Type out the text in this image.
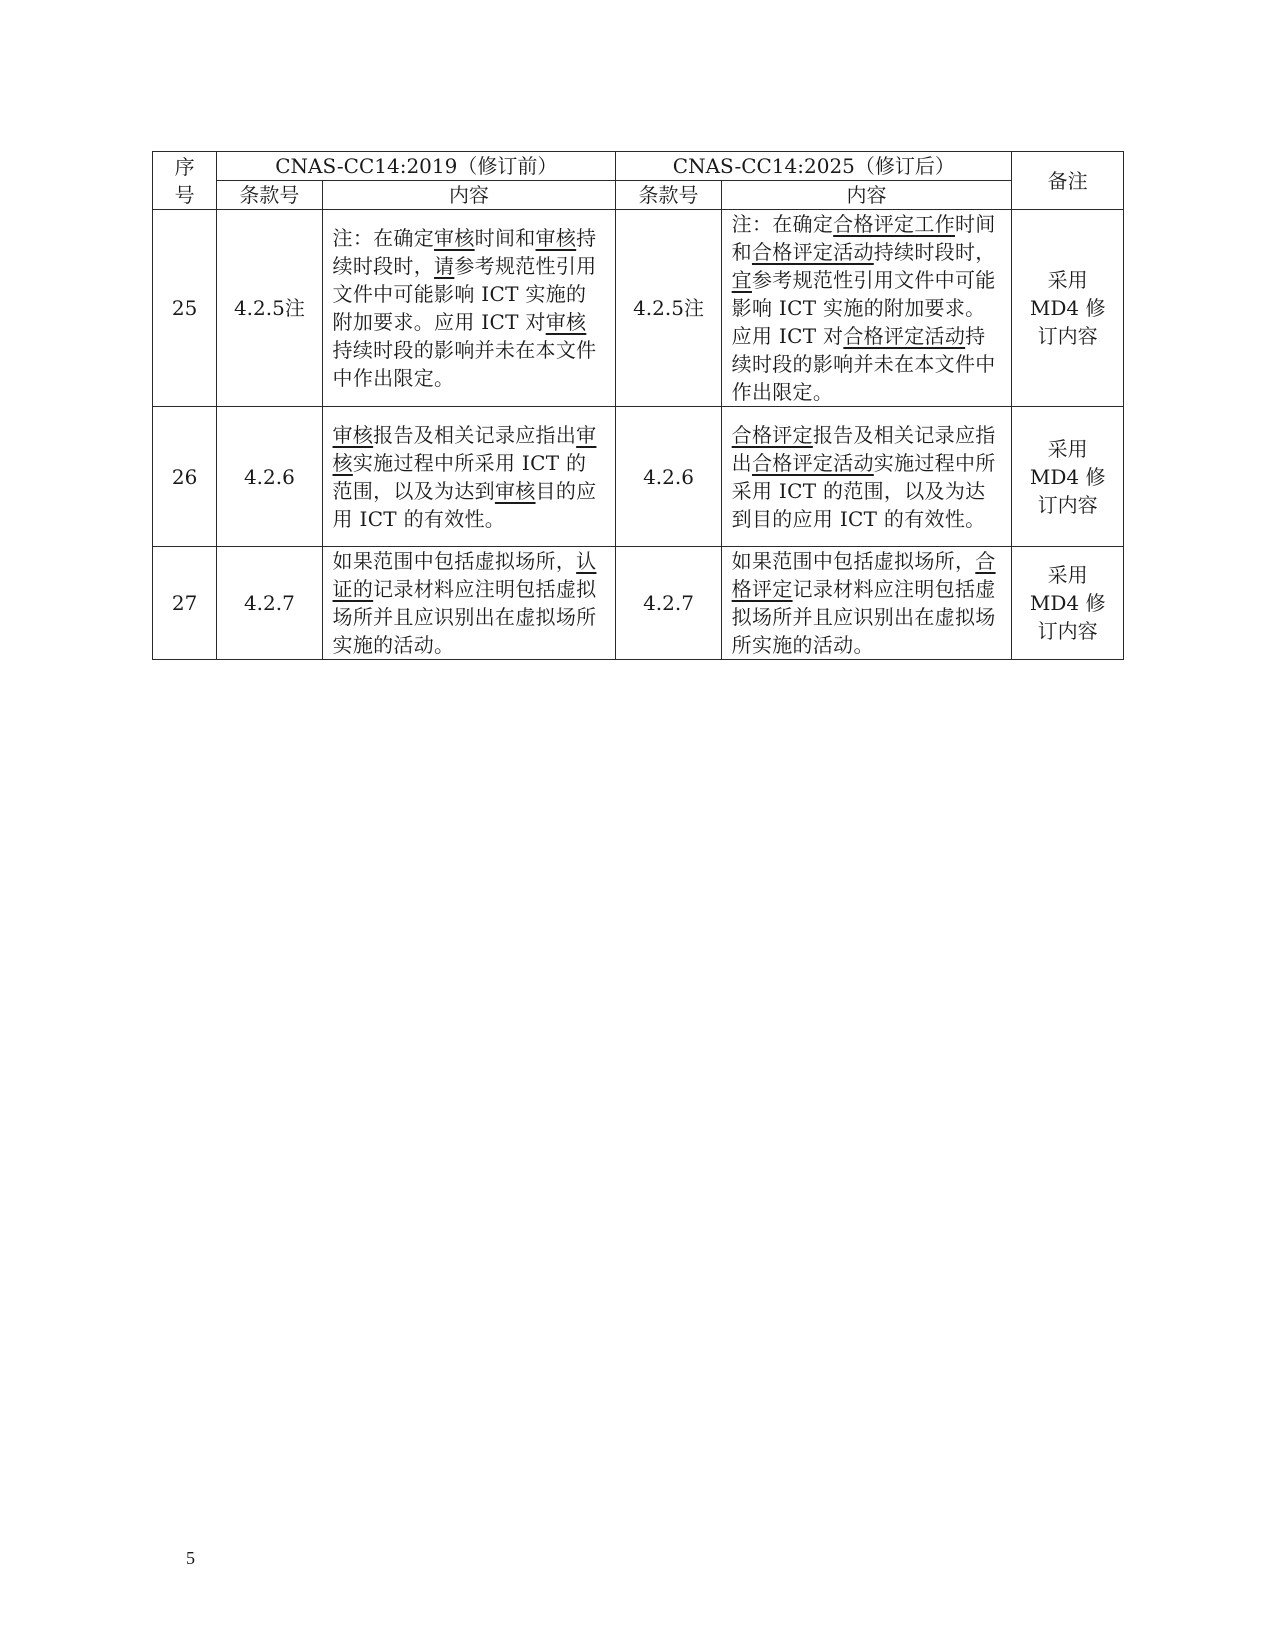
序号	CNAS-CC14:2019（修订前）		CNAS-CC14:2025（修订后）		备注
	条款号	内容	条款号	内容	
25	4.2.5注	注：在确定审核时间和审核持续时段时，请参考规范性引用文件中可能影响 ICT 实施的附加要求。应用 ICT 对审核持续时段的影响并未在本文件中作出限定。	4.2.5注	注：在确定合格评定工作时间和合格评定活动持续时段时，宜参考规范性引用文件中可能影响 ICT 实施的附加要求。应用 ICT 对合格评定活动持续时段的影响并未在本文件中作出限定。	采用 MD4 修订内容
26	4.2.6	审核报告及相关记录应指出审核实施过程中所采用 ICT 的范围，以及为达到审核目的应用 ICT 的有效性。	4.2.6	合格评定报告及相关记录应指出合格评定活动实施过程中所采用 ICT 的范围，以及为达到目的应用 ICT 的有效性。	采用 MD4 修订内容
27	4.2.7	如果范围中包括虚拟场所，认证的记录材料应注明包括虚拟场所并且应识别出在虚拟场所实施的活动。	4.2.7	如果范围中包括虚拟场所，合格评定记录材料应注明包括虚拟场所并且应识别出在虚拟场所实施的活动。	采用 MD4 修订内容
5
